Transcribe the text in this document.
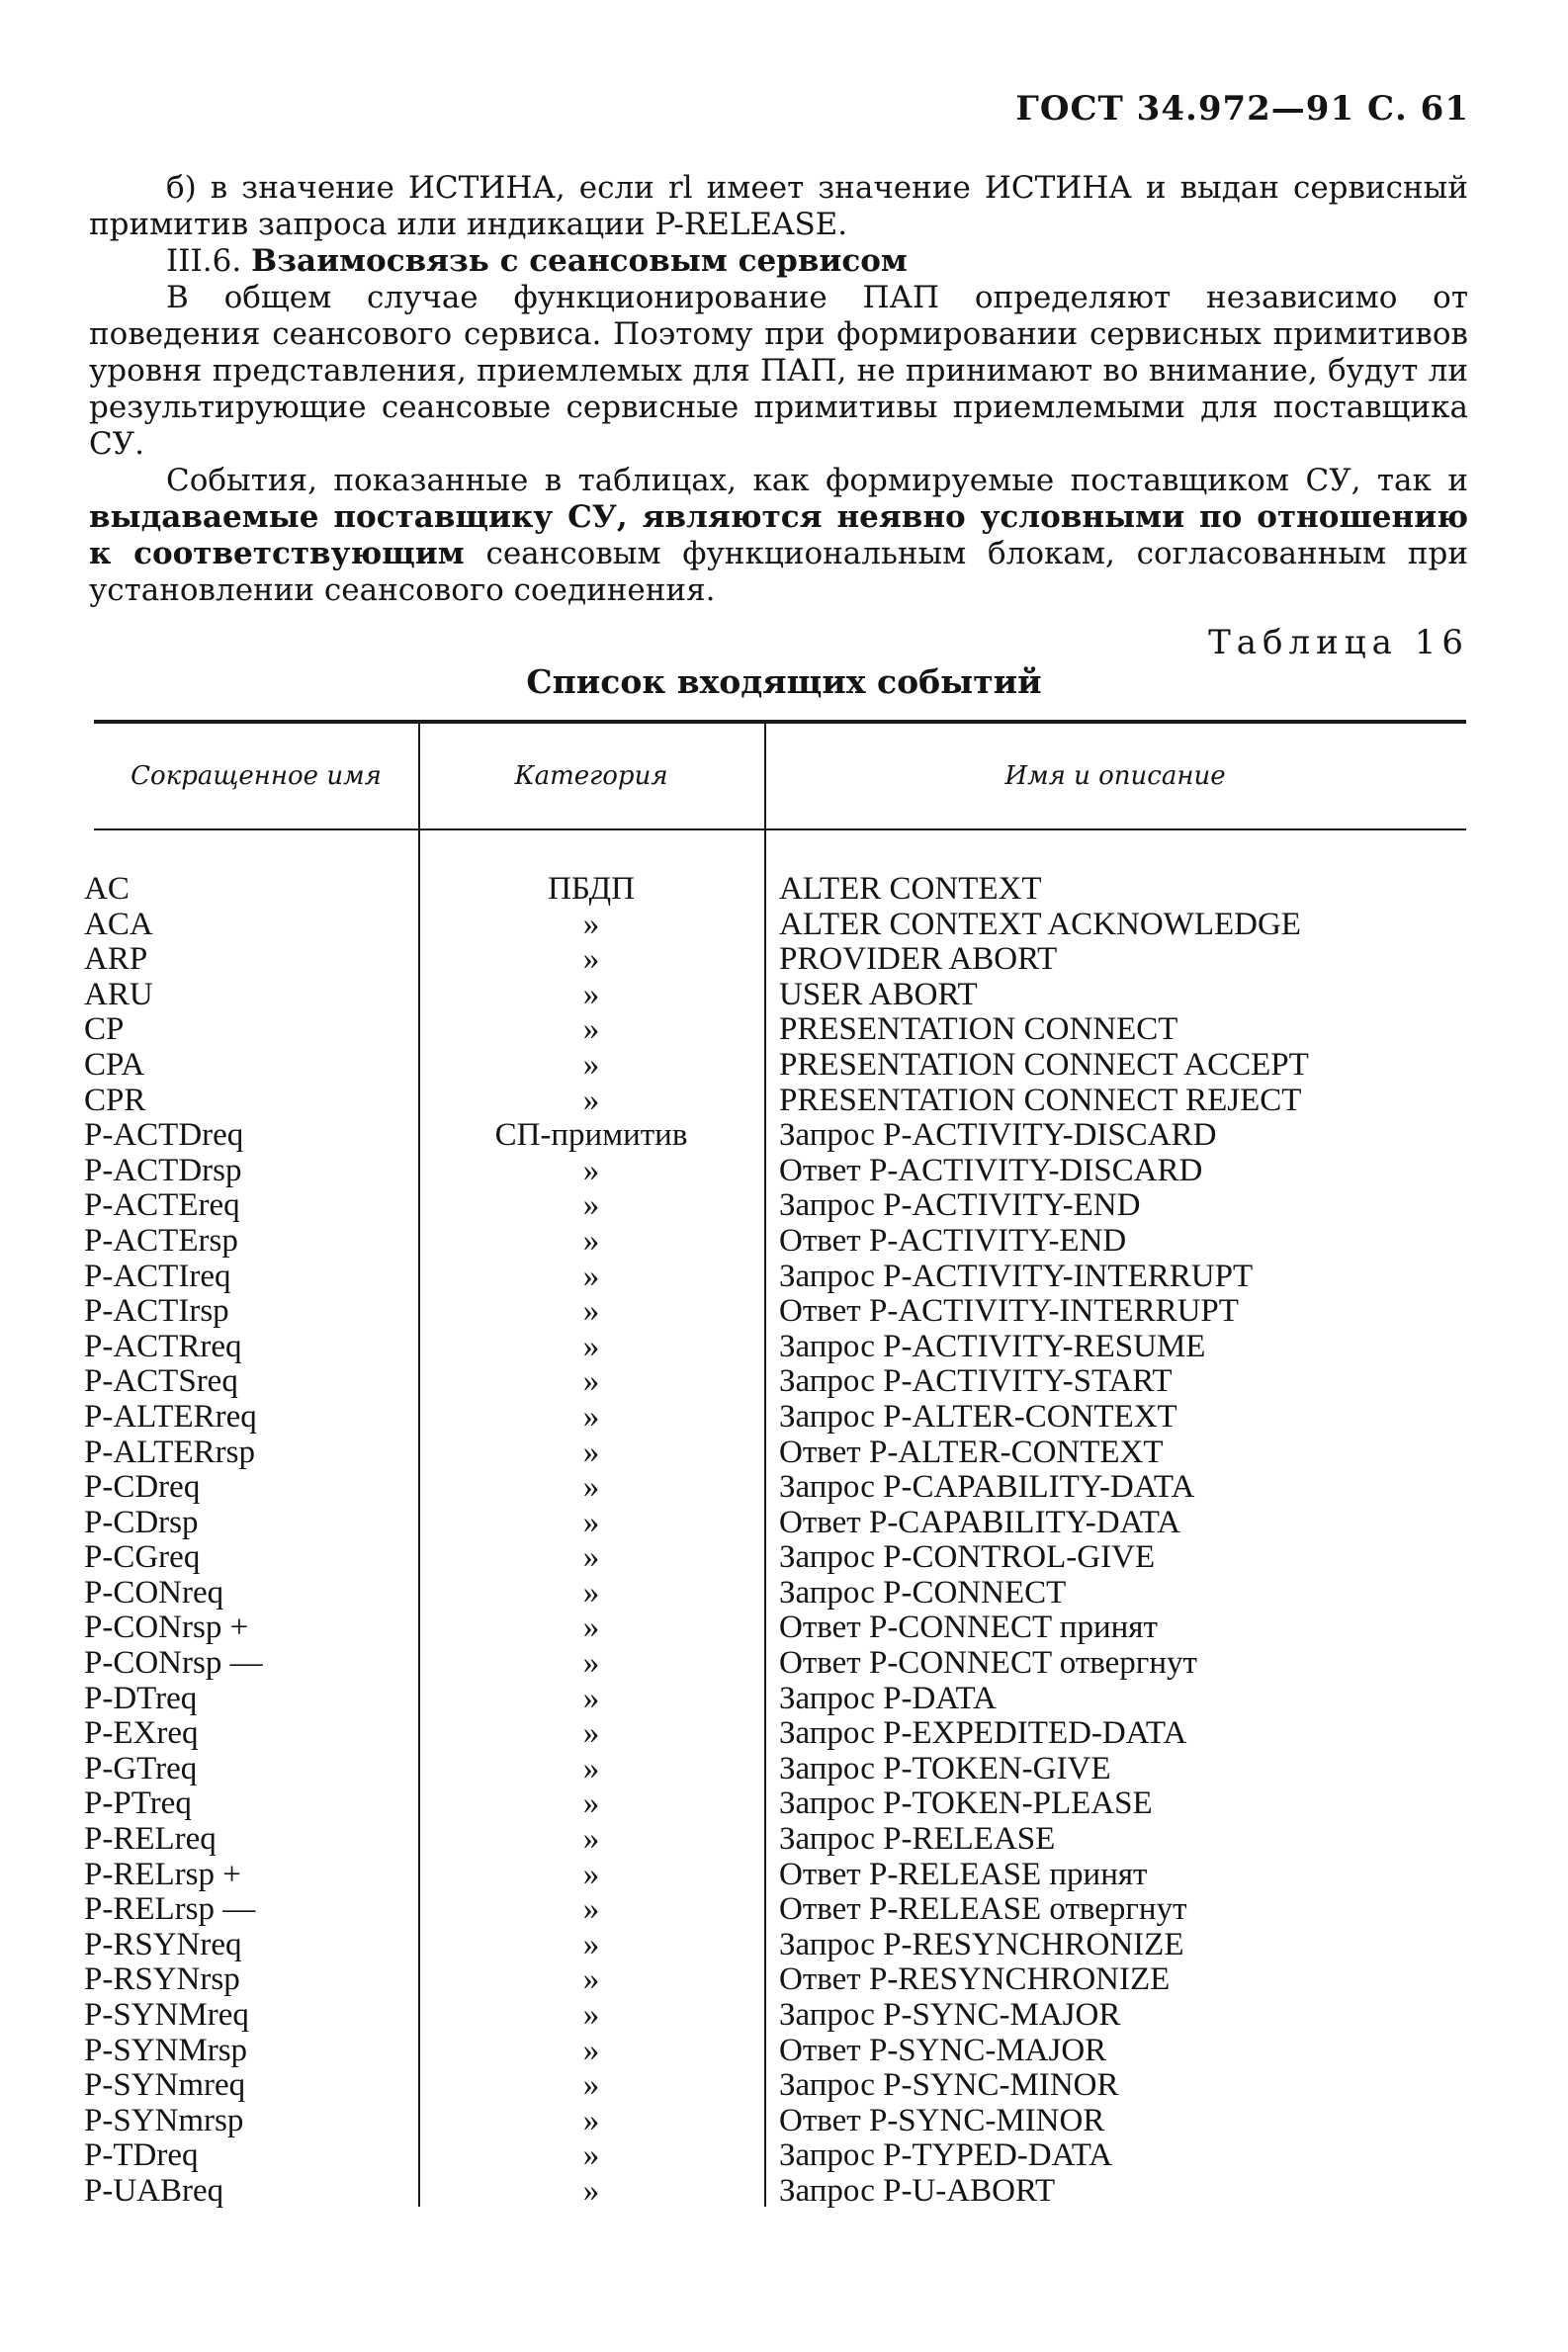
ГОСТ 34.972—91 С. 61

б) в значение ИСТИНА, если rl имеет значение ИСТИНА и выдан сервисный примитив запроса или индикации P-RELEASE.

III.6. Взаимосвязь с сеансовым сервисом

В общем случае функционирование ПАП определяют независимо от поведения сеансового сервиса. Поэтому при формировании сервисных примитивов уровня представления, приемлемых для ПАП, не принимают во внимание, будут ли результирующие сеансовые сервисные примитивы приемлемыми для поставщика СУ.

События, показанные в таблицах, как формируемые поставщиком СУ, так и выдаваемые поставщику СУ, являются неявно условными по отношению к соответствующим сеансовым функциональным блокам, согласованным при установлении сеансового соединения.

Таблица 16
Список входящих событий
Сокращенное имя	Категория	Имя и описание
AC	ПБДП	ALTER CONTEXT
ACA	»	ALTER CONTEXT ACKNOWLEDGE
ARP	»	PROVIDER ABORT
ARU	»	USER ABORT
CP	»	PRESENTATION CONNECT
CPA	»	PRESENTATION CONNECT ACCEPT
CPR	»	PRESENTATION CONNECT REJECT
P-ACTDreq	СП-примитив	Запрос P-ACTIVITY-DISCARD
P-ACTDrsp	»	Ответ P-ACTIVITY-DISCARD
P-ACTEreq	»	Запрос P-ACTIVITY-END
P-ACTErsp	»	Ответ P-ACTIVITY-END
P-ACTIreq	»	Запрос P-ACTIVITY-INTERRUPT
P-ACTIrsp	»	Ответ P-ACTIVITY-INTERRUPT
P-ACTRreq	»	Запрос P-ACTIVITY-RESUME
P-ACTSreq	»	Запрос P-ACTIVITY-START
P-ALTERreq	»	Запрос P-ALTER-CONTEXT
P-ALTERrsp	»	Ответ P-ALTER-CONTEXT
P-CDreq	»	Запрос P-CAPABILITY-DATA
P-CDrsp	»	Ответ P-CAPABILITY-DATA
P-CGreq	»	Запрос P-CONTROL-GIVE
P-CONreq	»	Запрос P-CONNECT
P-CONrsp +	»	Ответ P-CONNECT принят
P-CONrsp —	»	Ответ P-CONNECT отвергнут
P-DTreq	»	Запрос P-DATA
P-EXreq	»	Запрос P-EXPEDITED-DATA
P-GTreq	»	Запрос P-TOKEN-GIVE
P-PTreq	»	Запрос P-TOKEN-PLEASE
P-RELreq	»	Запрос P-RELEASE
P-RELrsp +	»	Ответ P-RELEASE принят
P-RELrsp —	»	Ответ P-RELEASE отвергнут
P-RSYNreq	»	Запрос P-RESYNCHRONIZE
P-RSYNrsp	»	Ответ P-RESYNCHRONIZE
P-SYNMreq	»	Запрос P-SYNC-MAJOR
P-SYNMrsp	»	Ответ P-SYNC-MAJOR
P-SYNmreq	»	Запрос P-SYNC-MINOR
P-SYNmrsp	»	Ответ P-SYNC-MINOR
P-TDreq	»	Запрос P-TYPED-DATA
P-UABreq	»	Запрос P-U-ABORT
